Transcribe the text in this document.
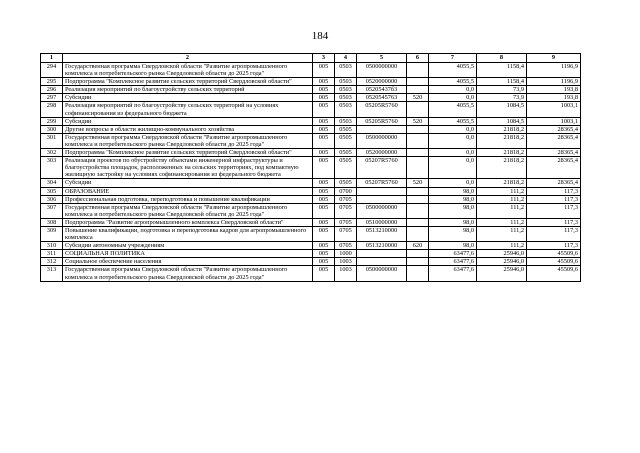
184
1	2	3	4	5	6	7	8	9
294	Государственная программа Свердловской области "Развитие агропромышленного комплекса и потребительского рынка Свердловской области до 2025 года"	005	0503	0500000000		4055,5	1158,4	1196,9
295	Подпрограмма "Комплексное развитие сельских территорий Свердловской области"	005	0503	0520000000		4055,5	1158,4	1196,9
296	Реализация мероприятий по благоустройству сельских территорий	005	0503	05205437б3		0,0	73,9	193,8
297	Субсидии	005	0503	0520545763	520	0,0	73,9	193,8
298	Реализация мероприятий по благоустройству сельских территорий на условиях софинансирования из федерального бюджета	005	0503	05205R5760		4055,5	1084,5	1003,1
299	Субсидии	005	0503	05205R5760	520	4055,5	1084,5	1003,1
300	Другие вопросы в области жилищно-коммунального хозяйства	005	0505			0,0	21818,2	28365,4
301	Государственная программа Свердловской области "Развитие агропромышленного комплекса и потребительского рынка Свердловской области до 2025 года"	005	0505	0500000000		0,0	21818,2	28365,4
302	Подпрограмма "Комплексное развитие сельских территорий Свердловской области"	005	0505	0520000000		0,0	21818,2	28365,4
303	Реализация проектов по обустройству объектами инженерной инфраструктуры и благоустройства площадок, расположенных на сельских территориях, под компактную жилищную застройку на условиях софинансирования из федерального бюджета	005	0505	05207R5760		0,0	21818,2	28365,4
304	Субсидии	005	0505	05207R5760	520	0,0	21818,2	28365,4
305	ОБРАЗОВАНИЕ	005	0700			98,0	111,2	117,3
306	Профессиональная подготовка, переподготовка и повышение квалификации	005	0705			98,0	111,2	117,3
307	Государственная программа Свердловской области "Развитие агропромышленного комплекса и потребительского рынка Свердловской области до 2025 года"	005	0705	0500000000		98,0	111,2	117,3
308	Подпрограмма "Развитие агропромышленного комплекса Свердловской области"	005	0705	0510000000		98,0	111,2	117,3
309	Повышение квалификации, подготовка и переподготовка кадров для агропромышленного комплекса	005	0705	0513210000		98,0	111,2	117,3
310	Субсидии автономным учреждениям	005	0705	0513210000	620	98,0	111,2	117,3
311	СОЦИАЛЬНАЯ ПОЛИТИКА	005	1000			63477,6	25946,0	45509,6
312	Социальное обеспечение населения	005	1003			63477,6	25946,0	45509,6
313	Государственная программа Свердловской области "Развитие агропромышленного комплекса и потребительского рынка Свердловской области до 2025 года"	005	1003	0500000000		63477,6	25946,0	45509,6
